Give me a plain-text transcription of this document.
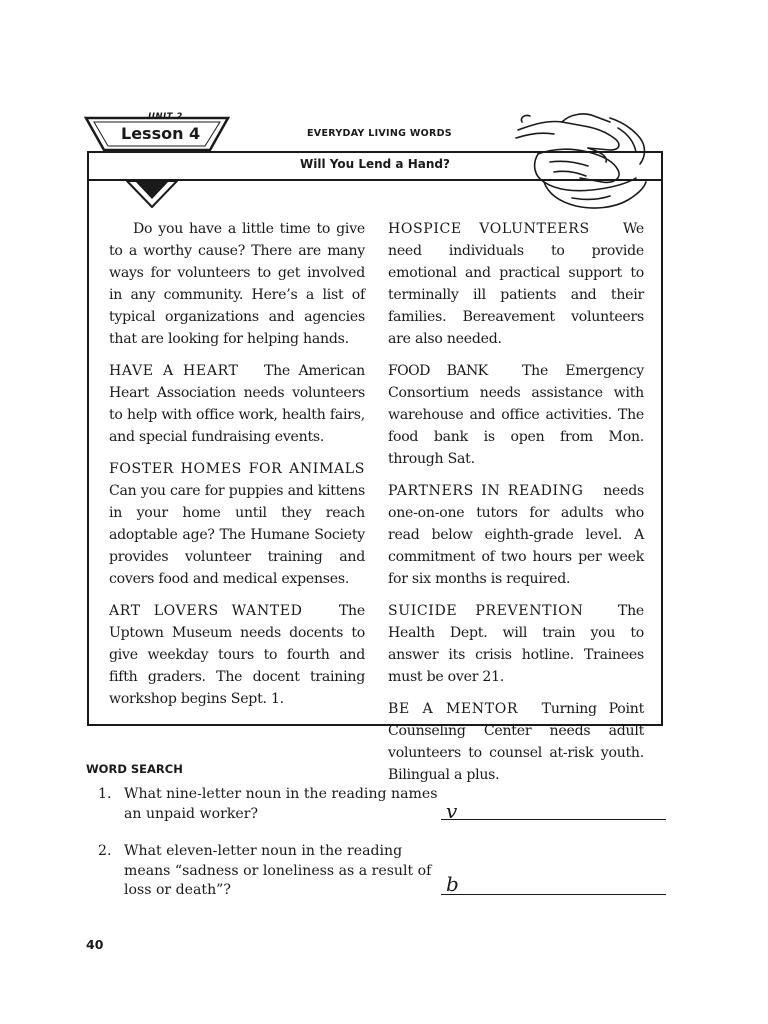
Lesson 4	EVERYDAY LIVING WORDS
Will You Lend a Hand?

Do you have a little time to give to a worthy cause? There are many ways for volunteers to get involved in any community. Here’s a list of typical organizations and agencies that are looking for helping hands.

HAVE A HEART The American Heart Association needs volunteers to help with office work, health fairs, and special fundraising events.

FOSTER HOMES FOR ANIMALS Can you care for puppies and kittens in your home until they reach adoptable age? The Humane Society provides volunteer training and covers food and medical expenses.

ART LOVERS WANTED	The Uptown Museum needs docents to give weekday tours to fourth and fifth graders. The docent training workshop begins Sept. 1.

HOSPICE VOLUNTEERS We need individuals to provide emotional and practical support to terminally ill patients and their families. Bereavement volunteers are also needed.

FOOD BANK The Emergency Consortium needs assistance with warehouse and office activities. The food bank is open from Mon. through Sat.

PARTNERS IN READING needs one-on-one tutors for adults who read below eighth-grade level. A commitment of two hours per week for six months is required.

SUICIDE PREVENTION The Health Dept. will train you to answer its crisis hotline. Trainees must be over 21.

BE A MENTOR Turning Point Counseling Center needs adult volunteers to counsel at-risk youth. Bilingual a plus.

WORD SEARCH
1. What nine-letter noun in the reading names an unpaid worker?	v
2. What eleven-letter noun in the reading means “sadness or loneliness as a result of loss or death”?	b
40
